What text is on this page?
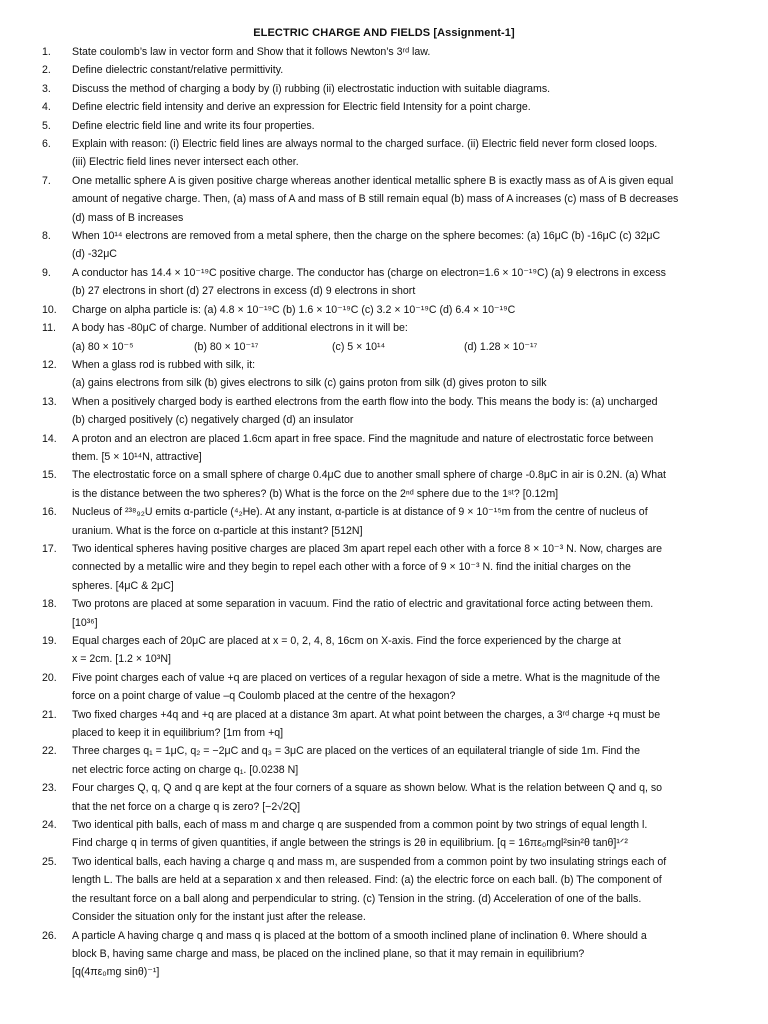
ELECTRIC CHARGE AND FIELDS [Assignment-1]
1.	State coulomb’s law in vector form and Show that it follows Newton’s 3ʳᵈ law.
2.	Define dielectric constant/relative permittivity.
3.	Discuss the method of charging a body by (i) rubbing (ii) electrostatic induction with suitable diagrams.
4.	Define electric field intensity and derive an expression for Electric field Intensity for a point charge.
5.	Define electric field line and write its four properties.
6.	Explain with reason: (i) Electric field lines are always normal to the charged surface. (ii) Electric field never form closed loops.
(iii) Electric field lines never intersect each other.
7.	One metallic sphere A is given positive charge whereas another identical metallic sphere B is exactly mass as of A is given equal
amount of negative charge. Then, (a) mass of A and mass of B still remain equal (b) mass of A increases (c) mass of B decreases
(d) mass of B increases
8.	When 10¹⁴ electrons are removed from a metal sphere, then the charge on the sphere becomes: (a) 16μC (b) -16μC (c) 32μC
(d) -32μC
9.	A conductor has 14.4 × 10⁻¹⁹C positive charge. The conductor has (charge on electron=1.6 × 10⁻¹⁹C) (a) 9 electrons in excess
(b) 27 electrons in short (d) 27 electrons in excess (d) 9 electrons in short
10.	Charge on alpha particle is: (a) 4.8 × 10⁻¹⁹C (b) 1.6 × 10⁻¹⁹C (c) 3.2 × 10⁻¹⁹C (d) 6.4 × 10⁻¹⁹C
11.	A body has -80μC of charge. Number of additional electrons in it will be:
(a) 80 × 10⁻⁵	(b) 80 × 10⁻¹⁷	(c) 5 × 10¹⁴	(d) 1.28 × 10⁻¹⁷
12.	When a glass rod is rubbed with silk, it:
(a) gains electrons from silk (b) gives electrons to silk (c) gains proton from silk (d) gives proton to silk
13.	When a positively charged body is earthed electrons from the earth flow into the body. This means the body is: (a) uncharged
(b) charged positively (c) negatively charged (d) an insulator
14.	A proton and an electron are placed 1.6cm apart in free space. Find the magnitude and nature of electrostatic force between
them. [5 × 10¹⁴N, attractive]
15.	The electrostatic force on a small sphere of charge 0.4μC due to another small sphere of charge -0.8μC in air is 0.2N. (a) What
is the distance between the two spheres? (b) What is the force on the 2ⁿᵈ sphere due to the 1ˢᵗ? [0.12m]
16.	Nucleus of ²³⁸₉₂U emits α-particle (⁴₂He). At any instant, α-particle is at distance of 9 × 10⁻¹⁵m from the centre of nucleus of
uranium. What is the force on α-particle at this instant? [512N]
17.	Two identical spheres having positive charges are placed 3m apart repel each other with a force 8 × 10⁻³ N. Now, charges are
connected by a metallic wire and they begin to repel each other with a force of 9 × 10⁻³ N. find the initial charges on the
spheres. [4μC & 2μC]
18.	Two protons are placed at some separation in vacuum. Find the ratio of electric and gravitational force acting between them.
[10³⁶]
19.	Equal charges each of 20μC are placed at x = 0, 2, 4, 8, 16cm on X-axis. Find the force experienced by the charge at
x = 2cm. [1.2 × 10³N]
20.	Five point charges each of value +q are placed on vertices of a regular hexagon of side a metre. What is the magnitude of the
force on a point charge of value –q Coulomb placed at the centre of the hexagon?
21.	Two fixed charges +4q and +q are placed at a distance 3m apart. At what point between the charges, a 3ʳᵈ charge +q must be
placed to keep it in equilibrium? [1m from +q]
22.	Three charges q₁ = 1μC, q₂ = −2μC and q₃ = 3μC are placed on the vertices of an equilateral triangle of side 1m. Find the
net electric force acting on charge q₁. [0.0238 N]
23.	Four charges Q, q, Q and q are kept at the four corners of a square as shown below. What is the relation between Q and q, so
that the net force on a charge q is zero? [−2√2Q]
24.	Two identical pith balls, each of mass m and charge q are suspended from a common point by two strings of equal length l.
Find charge q in terms of given quantities, if angle between the strings is 2θ in equilibrium. [q = 16πε₀mgl²sin²θ tanθ]¹ᐟ²
25.	Two identical balls, each having a charge q and mass m, are suspended from a common point by two insulating strings each of
length L. The balls are held at a separation x and then released. Find: (a) the electric force on each ball. (b) The component of
the resultant force on a ball along and perpendicular to string. (c) Tension in the string. (d) Acceleration of one of the balls.
Consider the situation only for the instant just after the release.
26.	A particle A having charge q and mass q is placed at the bottom of a smooth inclined plane of inclination θ. Where should a
block B, having same charge and mass, be placed on the inclined plane, so that it may remain in equilibrium?
[q(4πε₀mg sinθ)⁻¹]
